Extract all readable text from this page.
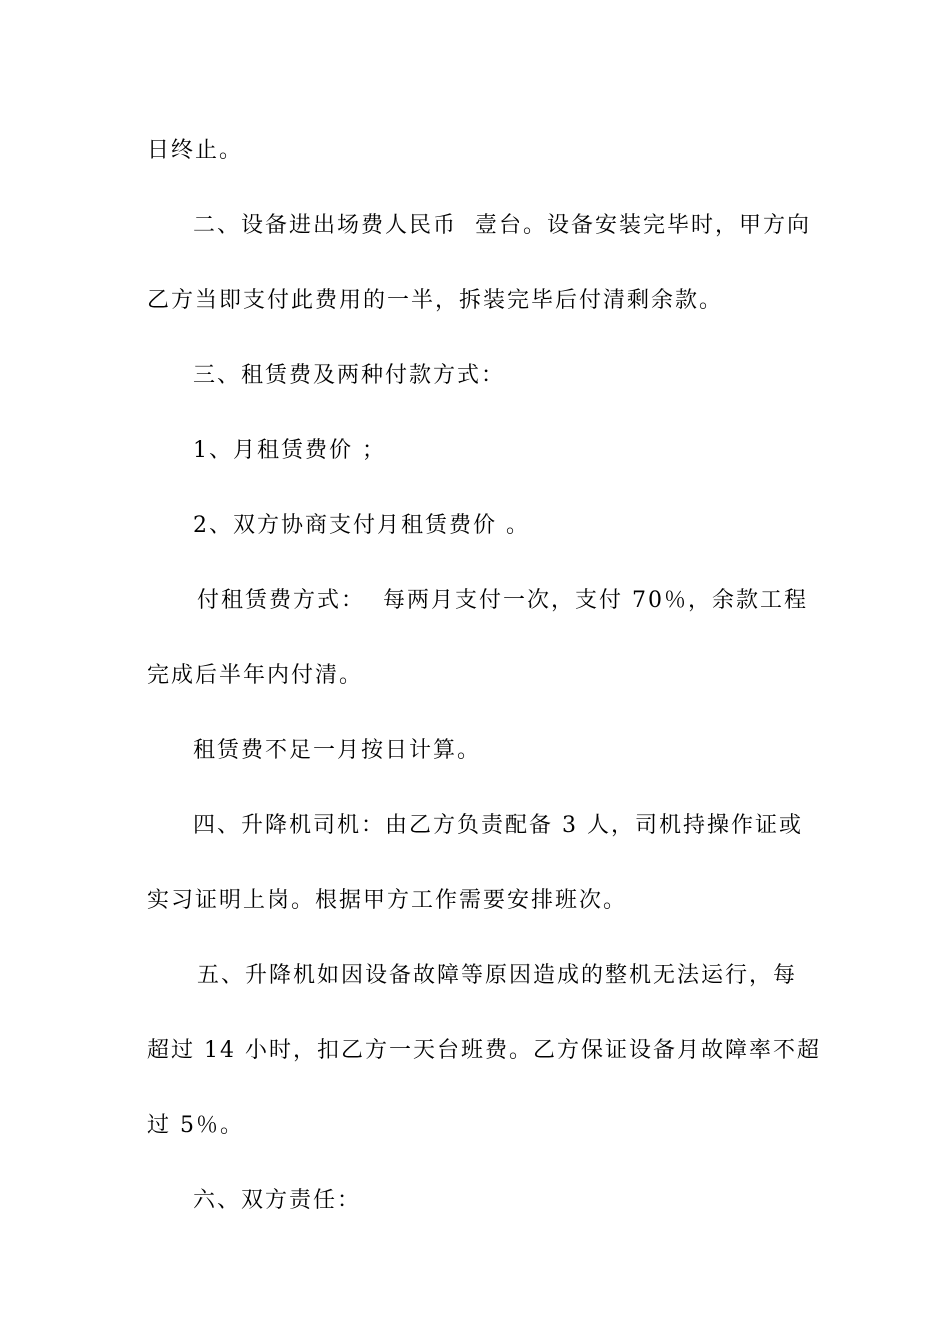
日终止。
二、设备进出场费人民币  壹台。设备安装完毕时，甲方向
乙方当即支付此费用的一半，拆装完毕后付清剩余款。
三、租赁费及两种付款方式：
1、月租赁费价 ；
2、双方协商支付月租赁费价 。
付租赁费方式：  每两月支付一次，支付 70％，余款工程
完成后半年内付清。
租赁费不足一月按日计算。
四、升降机司机：由乙方负责配备 3 人，司机持操作证或
实习证明上岗。根据甲方工作需要安排班次。
五、升降机如因设备故障等原因造成的整机无法运行，每
超过 14 小时，扣乙方一天台班费。乙方保证设备月故障率不超
过 5％。
六、双方责任：
